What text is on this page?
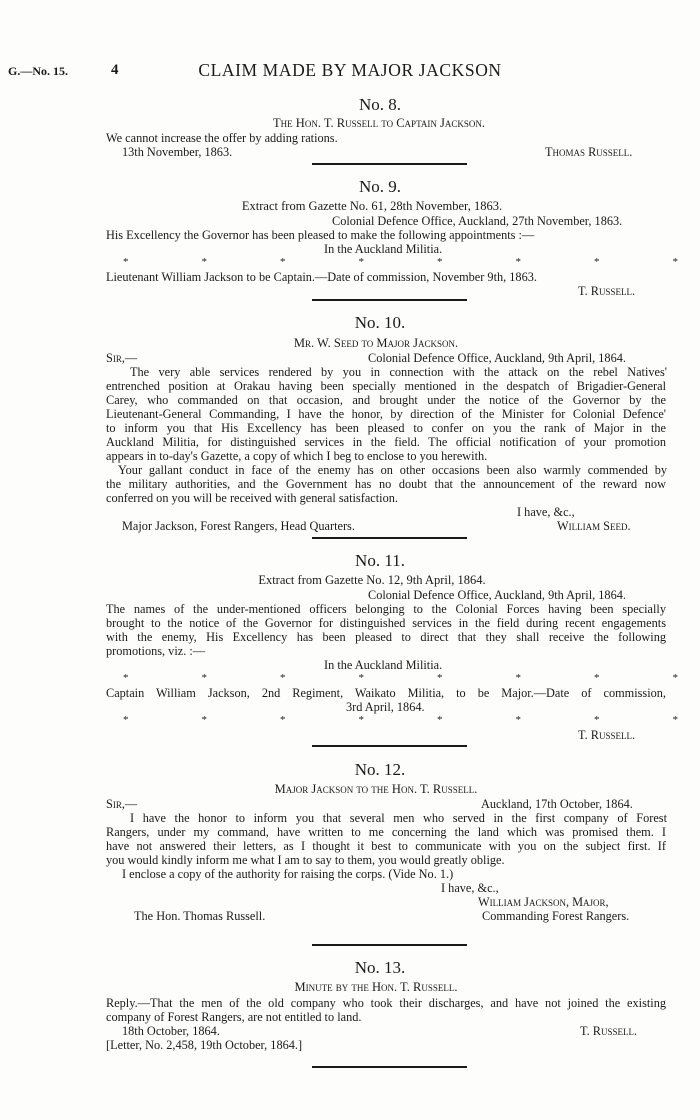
G.—No. 15.	4	CLAIM MADE BY MAJOR JACKSON
No. 8.
The Hon. T. Russell to Captain Jackson.
We cannot increase the offer by adding rations.
13th November, 1863.	Thomas Russell.
No. 9.
Extract from Gazette No. 61, 28th November, 1863.
Colonial Defence Office, Auckland, 27th November, 1863.
His Excellency the Governor has been pleased to make the following appointments :—
In the Auckland Militia.
*	*	*	*	*	*	*	*
Lieutenant William Jackson to be Captain.—Date of commission, November 9th, 1863.
T. Russell.
No. 10.
Mr. W. Seed to Major Jackson.
Sir,—	Colonial Defence Office, Auckland, 9th April, 1864.
The very able services rendered by you in connection with the attack on the rebel Natives'
entrenched position at Orakau having been specially mentioned in the despatch of Brigadier-General
Carey, who commanded on that occasion, and brought under the notice of the Governor by the
Lieutenant-General Commanding, I have the honor, by direction of the Minister for Colonial Defence'
to inform you that His Excellency has been pleased to confer on you the rank of Major in the
Auckland Militia, for distinguished services in the field. The official notification of your promotion
appears in to-day's Gazette, a copy of which I beg to enclose to you herewith.
Your gallant conduct in face of the enemy has on other occasions been also warmly commended by
the military authorities, and the Government has no doubt that the announcement of the reward now
conferred on you will be received with general satisfaction.
I have, &c.,
Major Jackson, Forest Rangers, Head Quarters.	William Seed.
No. 11.
Extract from Gazette No. 12, 9th April, 1864.
Colonial Defence Office, Auckland, 9th April, 1864.
The names of the under-mentioned officers belonging to the Colonial Forces having been specially
brought to the notice of the Governor for distinguished services in the field during recent engagements
with the enemy, His Excellency has been pleased to direct that they shall receive the following
promotions, viz. :—
In the Auckland Militia.
*	*	*	*	*	*	*	*
Captain William Jackson, 2nd Regiment, Waikato Militia, to be Major.—Date of commission,
3rd April, 1864.
*	*	*	*	*	*	*	*
T. Russell.
No. 12.
Major Jackson to the Hon. T. Russell.
Sir,—	Auckland, 17th October, 1864.
I have the honor to inform you that several men who served in the first company of Forest
Rangers, under my command, have written to me concerning the land which was promised them. I
have not answered their letters, as I thought it best to communicate with you on the subject first. If
you would kindly inform me what I am to say to them, you would greatly oblige.
I enclose a copy of the authority for raising the corps. (Vide No. 1.)
I have, &c.,
William Jackson, Major,
The Hon. Thomas Russell.	Commanding Forest Rangers.
No. 13.
Minute by the Hon. T. Russell.
Reply.—That the men of the old company who took their discharges, and have not joined the existing
company of Forest Rangers, are not entitled to land.
18th October, 1864.	T. Russell.
[Letter, No. 2,458, 19th October, 1864.]
